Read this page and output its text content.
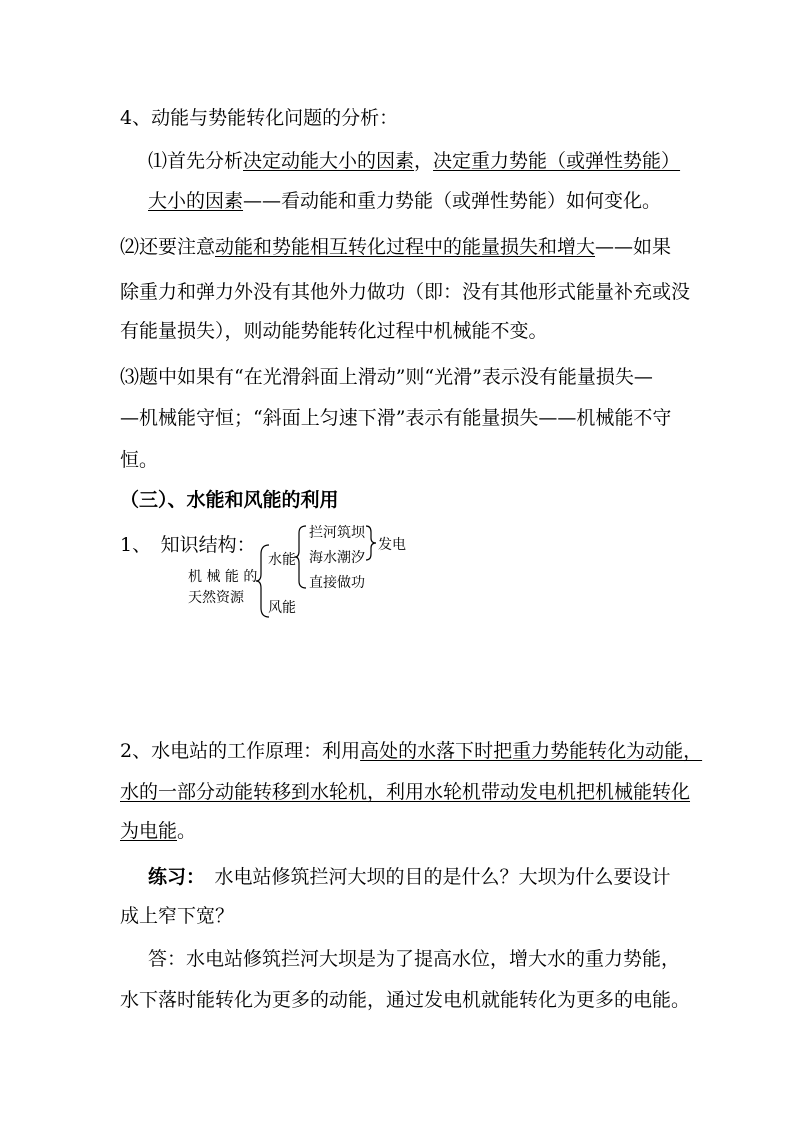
4、动能与势能转化问题的分析：
⑴首先分析决定动能大小的因素，决定重力势能（或弹性势能）
大小的因素——看动能和重力势能（或弹性势能）如何变化。
⑵还要注意动能和势能相互转化过程中的能量损失和增大——如果
除重力和弹力外没有其他外力做功（即：没有其他形式能量补充或没
有能量损失），则动能势能转化过程中机械能不变。
⑶题中如果有“在光滑斜面上滑动”则“光滑”表示没有能量损失—
—机械能守恒；“斜面上匀速下滑”表示有能量损失——机械能不守
恒。
（三）、水能和风能的利用
1、　知识结构：
机 械 能 的
天然资源
水能
风能
拦河筑坝
海水潮汐
直接做功
发电
2、水电站的工作原理：利用高处的水落下时把重力势能转化为动能，
水的一部分动能转移到水轮机，利用水轮机带动发电机把机械能转化
为电能。
练习：　水电站修筑拦河大坝的目的是什么？大坝为什么要设计
成上窄下宽？
答：水电站修筑拦河大坝是为了提高水位，增大水的重力势能，
水下落时能转化为更多的动能，通过发电机就能转化为更多的电能。
